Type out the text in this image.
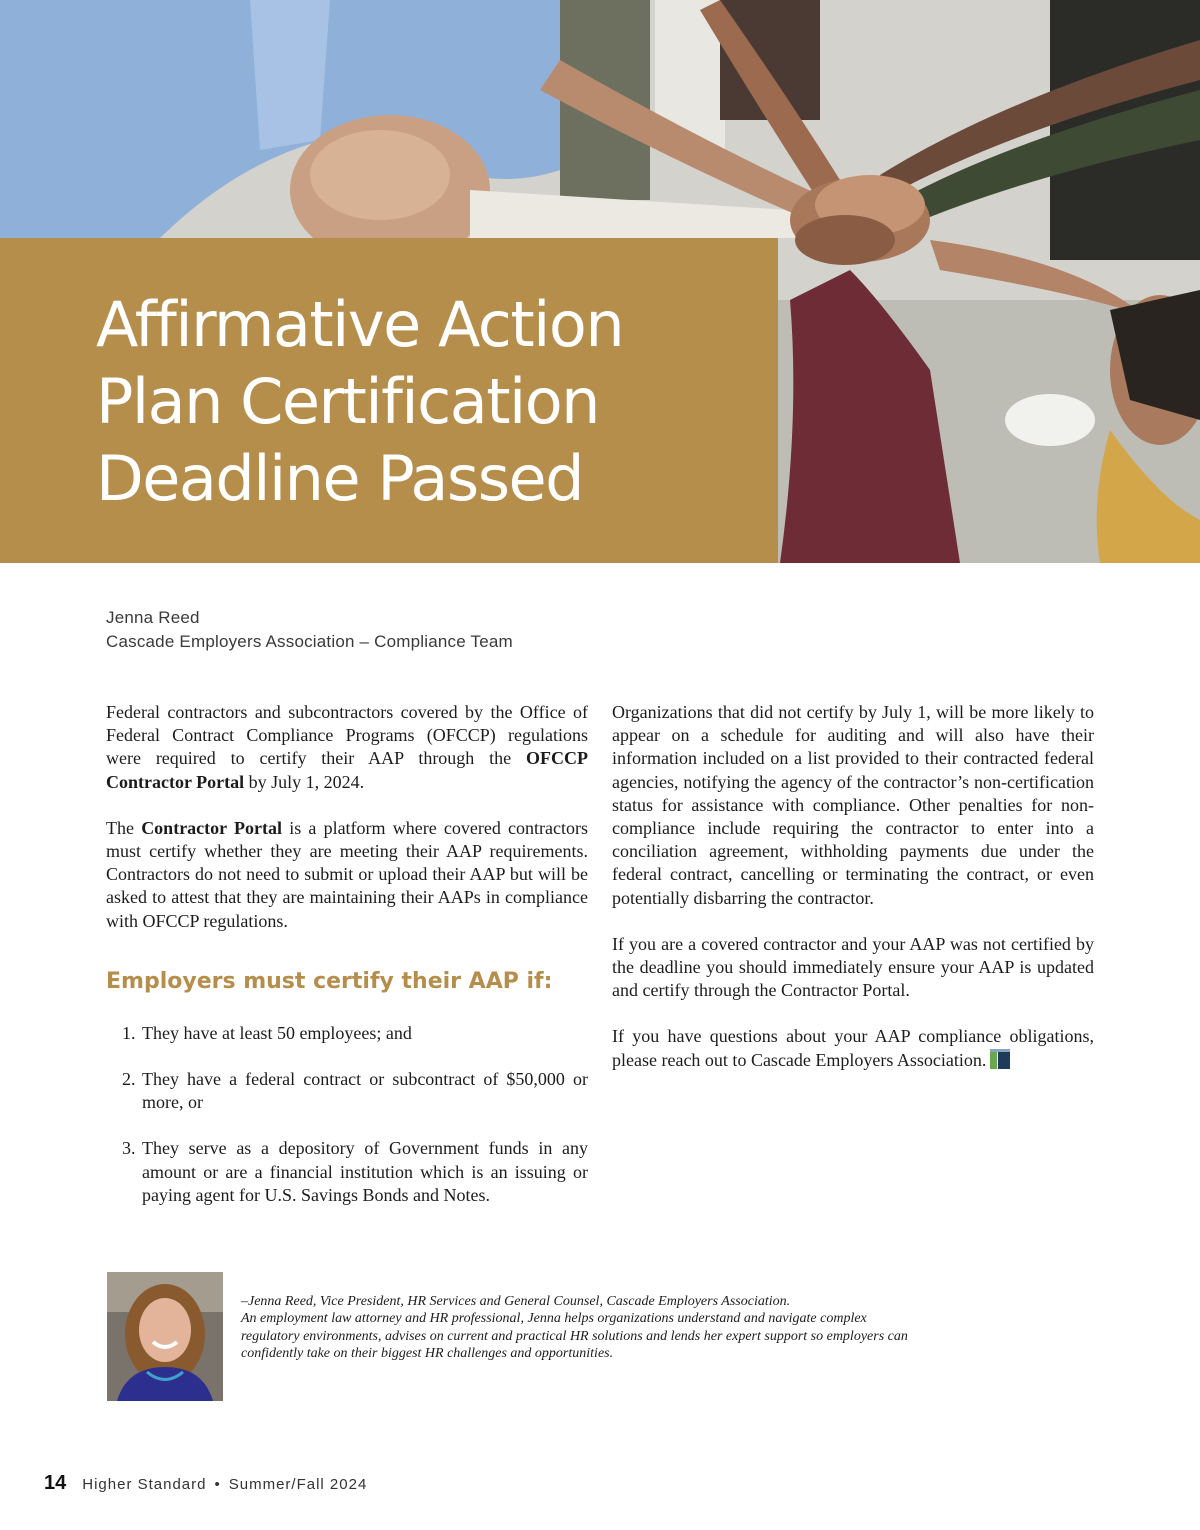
Affirmative Action
Plan Certification
Deadline Passed
Jenna Reed
Cascade Employers Association – Compliance Team

Federal contractors and subcontractors covered by the Office of Federal Contract Compliance Programs (OFCCP) regulations were required to certify their AAP through the OFCCP Contractor Portal by July 1, 2024.

The Contractor Portal is a platform where covered contractors must certify whether they are meeting their AAP requirements. Contractors do not need to submit or upload their AAP but will be asked to attest that they are maintaining their AAPs in compliance with OFCCP regulations.

Employers must certify their AAP if:
1. They have at least 50 employees; and
2. They have a federal contract or subcontract of $50,000 or more, or
3. They serve as a depository of Government funds in any amount or are a financial institution which is an issuing or paying agent for U.S. Savings Bonds and Notes.

Organizations that did not certify by July 1, will be more likely to appear on a schedule for auditing and will also have their information included on a list provided to their contracted federal agencies, notifying the agency of the contractor’s non-certification status for assistance with compliance. Other penalties for non-compliance include requiring the contractor to enter into a conciliation agreement, withholding payments due under the federal contract, cancelling or terminating the contract, or even potentially disbarring the contractor.

If you are a covered contractor and your AAP was not certified by the deadline you should immediately ensure your AAP is updated and certify through the Contractor Portal.

If you have questions about your AAP compliance obligations, please reach out to Cascade Employers Association.

–Jenna Reed, Vice President, HR Services and General Counsel, Cascade Employers Association.
An employment law attorney and HR professional, Jenna helps organizations understand and navigate complex
regulatory environments, advises on current and practical HR solutions and lends her expert support so employers can
confidently take on their biggest HR challenges and opportunities.
14 Higher Standard • Summer/Fall 2024
